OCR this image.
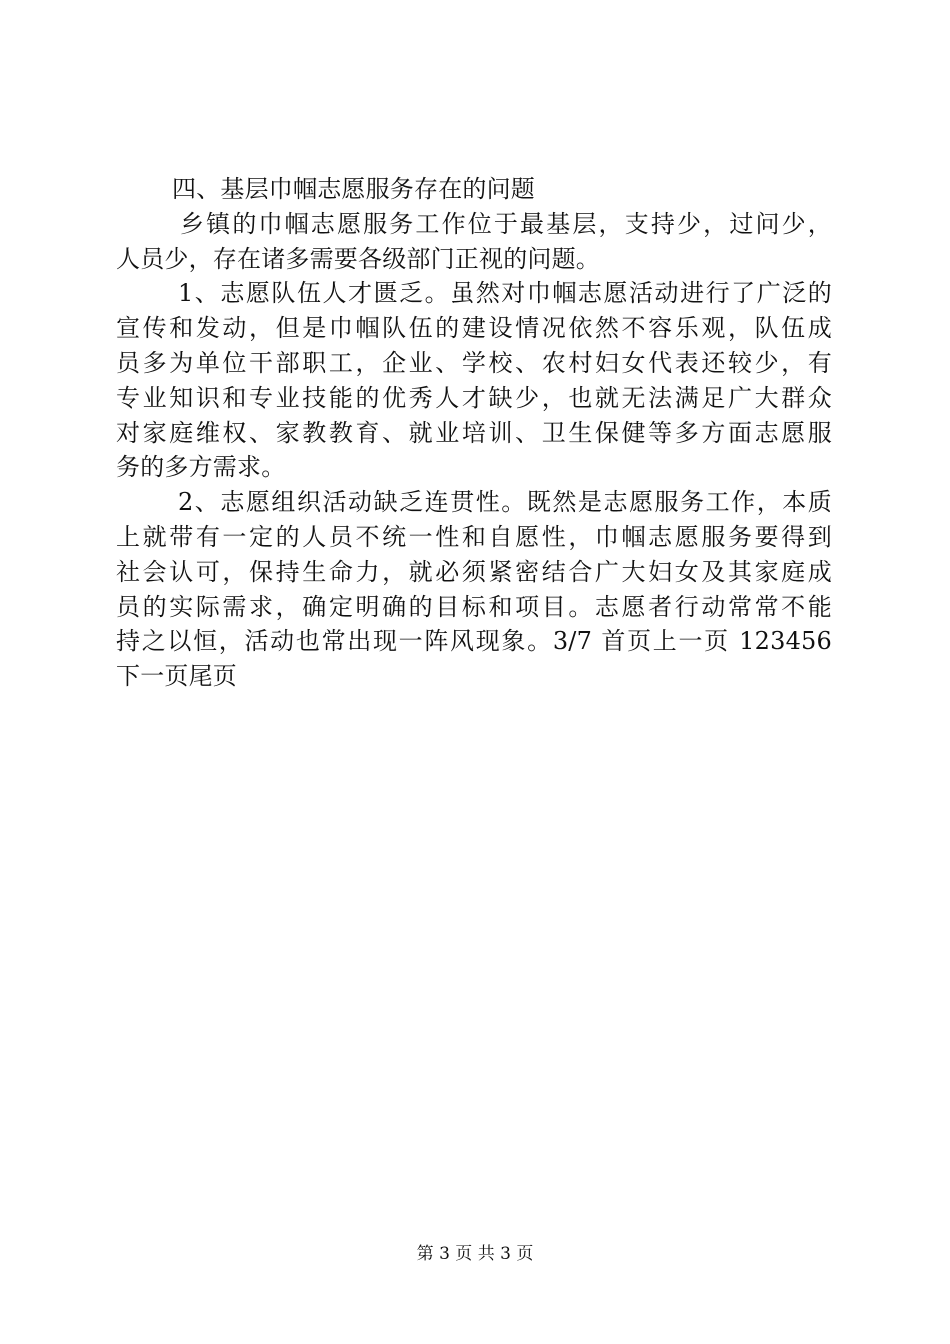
四、基层巾帼志愿服务存在的问题
乡镇的巾帼志愿服务工作位于最基层，支持少，过问少，
人员少，存在诸多需要各级部门正视的问题。
1、志愿队伍人才匮乏。虽然对巾帼志愿活动进行了广泛的
宣传和发动，但是巾帼队伍的建设情况依然不容乐观，队伍成
员多为单位干部职工，企业、学校、农村妇女代表还较少，有
专业知识和专业技能的优秀人才缺少，也就无法满足广大群众
对家庭维权、家教教育、就业培训、卫生保健等多方面志愿服
务的多方需求。
2、志愿组织活动缺乏连贯性。既然是志愿服务工作，本质
上就带有一定的人员不统一性和自愿性，巾帼志愿服务要得到
社会认可，保持生命力，就必须紧密结合广大妇女及其家庭成
员的实际需求，确定明确的目标和项目。志愿者行动常常不能
持之以恒，活动也常出现一阵风现象。3/7 首页上一页 123456
下一页尾页
第 3 页 共 3 页
